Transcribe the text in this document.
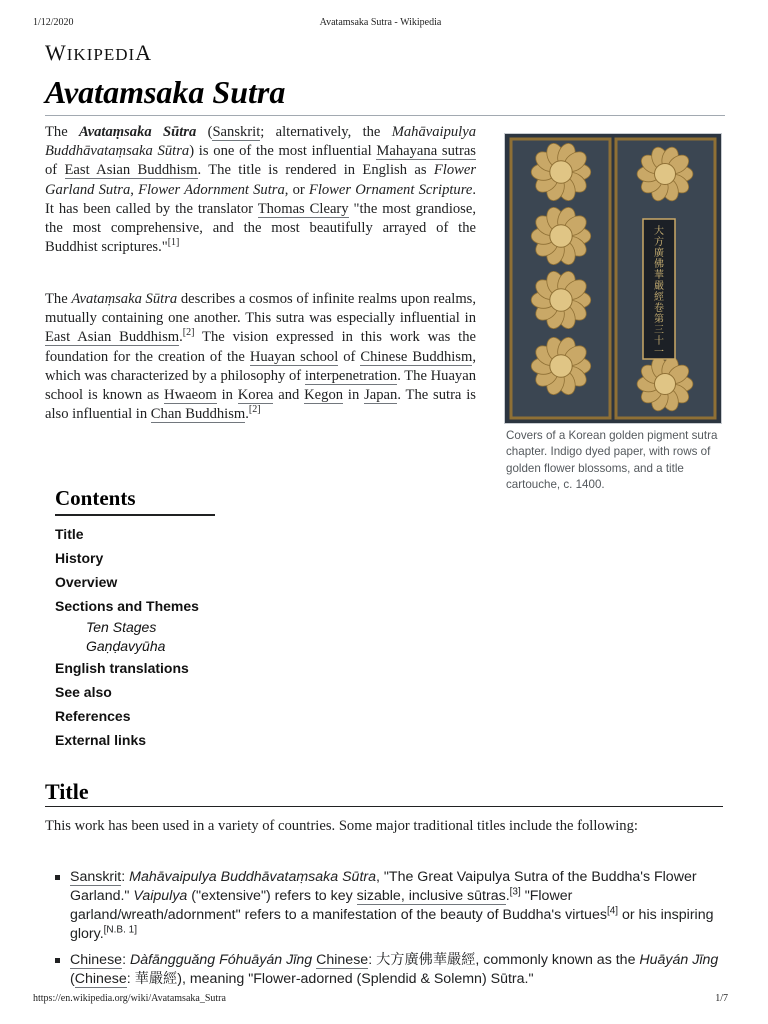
1/12/2020	Avatamsaka Sutra - Wikipedia
WIKIPEDIA
Avatamsaka Sutra
The Avataṃsaka Sūtra (Sanskrit; alternatively, the Mahāvaipulya Buddhāvataṃsaka Sūtra) is one of the most influential Mahayana sutras of East Asian Buddhism. The title is rendered in English as Flower Garland Sutra, Flower Adornment Sutra, or Flower Ornament Scripture. It has been called by the translator Thomas Cleary "the most grandiose, the most comprehensive, and the most beautifully arrayed of the Buddhist scriptures."[1]
The Avataṃsaka Sūtra describes a cosmos of infinite realms upon realms, mutually containing one another. This sutra was especially influential in East Asian Buddhism.[2] The vision expressed in this work was the foundation for the creation of the Huayan school of Chinese Buddhism, which was characterized by a philosophy of interpenetration. The Huayan school is known as Hwaeom in Korea and Kegon in Japan. The sutra is also influential in Chan Buddhism.[2]
大方廣佛華嚴經卷第三十一
Covers of a Korean golden pigment sutra chapter. Indigo dyed paper, with rows of golden flower blossoms, and a title cartouche, c. 1400.
Contents
Title
History
Overview
Sections and Themes
Ten Stages
Gaṇḍavyūha
English translations
See also
References
External links
Title
This work has been used in a variety of countries. Some major traditional titles include the following:
Sanskrit: Mahāvaipulya Buddhāvataṃsaka Sūtra, "The Great Vaipulya Sutra of the Buddha's Flower Garland." Vaipulya ("extensive") refers to key sizable, inclusive sūtras.[3] "Flower garland/wreath/adornment" refers to a manifestation of the beauty of Buddha's virtues[4] or his inspiring glory.[N.B. 1]
Chinese: Dàfāngguǎng Fóhuāyán Jīng Chinese: 大方廣佛華嚴經, commonly known as the Huāyán Jīng (Chinese: 華嚴經), meaning "Flower-adorned (Splendid & Solemn) Sūtra."
https://en.wikipedia.org/wiki/Avatamsaka_Sutra	1/7
